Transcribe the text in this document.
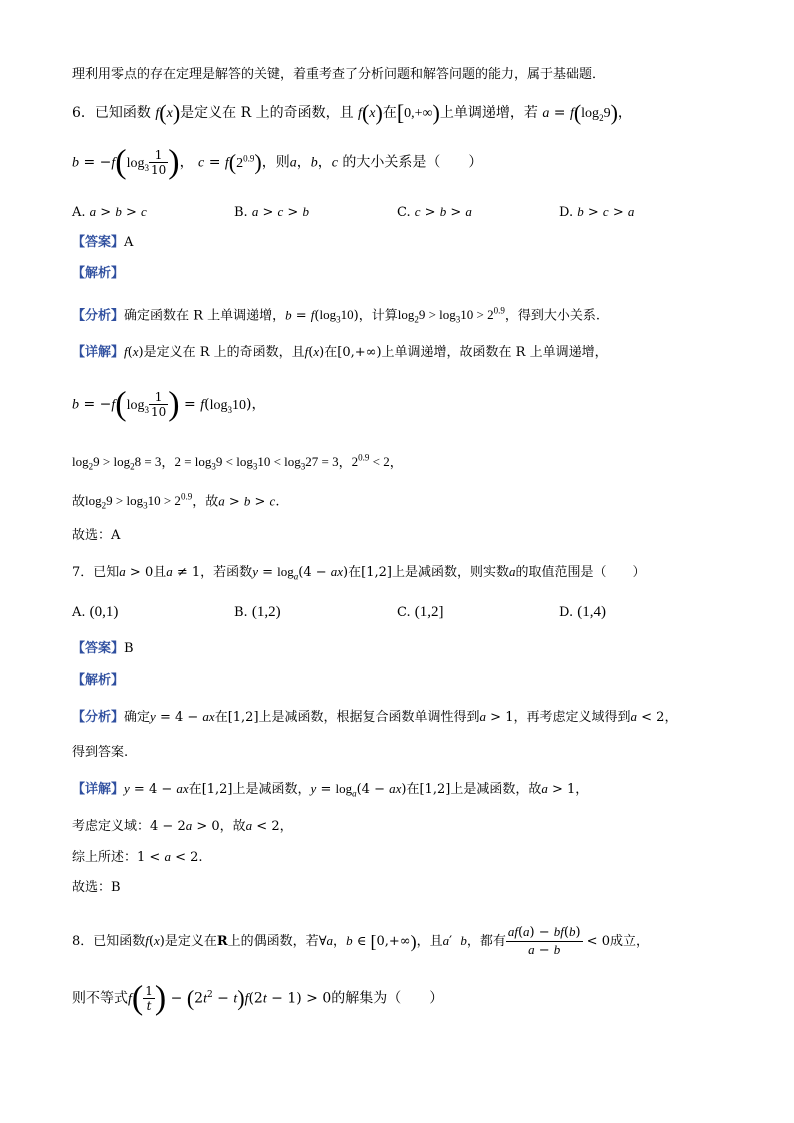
理利用零点的存在定理是解答的关键，着重考查了分析问题和解答问题的能力，属于基础题．
6．已知函数 f(x)是定义在 R 上的奇函数，且 f(x)在[0,+∞)上单调递增，若 $a = f(\log_29)$，
$b = -f(\log_3 \frac{1}{10}$ )， $c = f(2^{0.9})$，则a，b，c 的大小关系是（　　）
A. a > b > c	B. a > c > b	C. c > b > a	D. b > c > a
【答案】A
【解析】
【分析】确定函数在 R 上单调递增，$b = f(\log_310)$，计算$\log_29 > \log_310 > 2^{0.9}$，得到大小关系.
【详解】f(x)是定义在 R 上的奇函数，且f(x)在[0,+∞)上单调递增，故函数在 R 上单调递增，
$b = -f(\log_3 \frac{1}{10}$ ) = $f(\log_310)$，
$\log_29 > \log_28 = 3$，$2 = \log_39 < \log_310 < \log_327 = 3$，$2^{0.9} < 2$，
故$\log_29 > \log_310 > 2^{0.9}$，故a > b > c.
故选：A
7．已知a > 0且a ≠ 1，若函数$y = \log_a(4 - ax)$在[1,2]上是减函数，则实数a的取值范围是（　　）
A. (0,1)	B. (1,2)	C. (1,2]	D. (1,4)
【答案】B
【解析】
【分析】确定y = 4 − ax在[1,2]上是减函数，根据复合函数单调性得到a > 1，再考虑定义域得到a < 2，
得到答案.
【详解】y = 4 − ax在[1,2]上是减函数，$y = \log_a(4 - ax)$在[1,2]上是减函数，故a > 1，
考虑定义域：4 − 2a > 0，故a < 2，
综上所述：1 < a < 2.
故选：B
8．已知函数f(x)是定义在R上的偶函数，若∀a，b ∈ [0,+∞)，且a′  b，都有 $\frac{af(a) - bf(b)}{a - b} < 0$成立，
则不等式$f( \frac{1}{t}$ ) − $(2t^2 - t)f(2t - 1) > 0$的解集为（　　）
